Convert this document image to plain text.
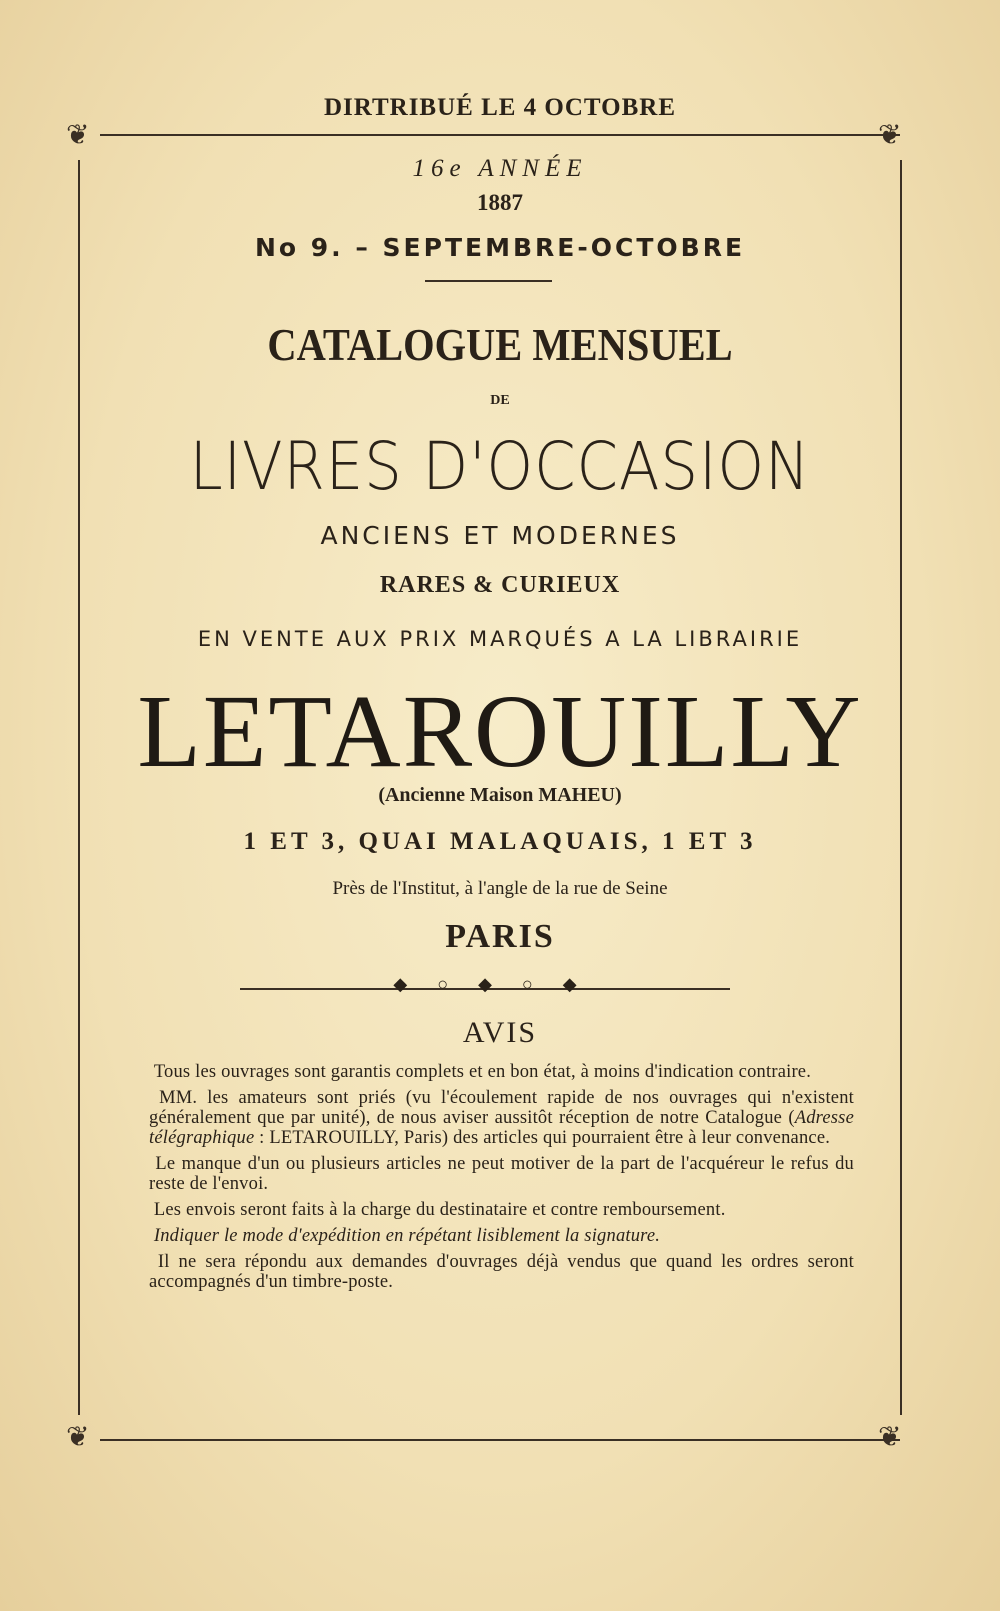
DIRTRIBUÉ LE 4 OCTOBRE
❦	❦
❦	❦
16e ANNÉE
1887
No 9. – SEPTEMBRE-OCTOBRE
CATALOGUE MENSUEL
DE
LIVRES D'OCCASION
ANCIENS ET MODERNES
RARES & CURIEUX
EN VENTE AUX PRIX MARQUÉS A LA LIBRAIRIE
LETAROUILLY
(Ancienne Maison MAHEU)
1 ET 3, QUAI MALAQUAIS, 1 ET 3
Près de l'Institut, à l'angle de la rue de Seine
PARIS
◆○◆○◆
AVIS

Tous les ouvrages sont garantis complets et en bon état, à moins d'indication contraire.

MM. les amateurs sont priés (vu l'écoulement rapide de nos ouvrages qui n'existent généralement que par unité), de nous aviser aussitôt réception de notre Catalogue (Adresse télégraphique : LETAROUILLY, Paris) des articles qui pourraient être à leur convenance.

Le manque d'un ou plusieurs articles ne peut motiver de la part de l'acquéreur le refus du reste de l'envoi.

Les envois seront faits à la charge du destinataire et contre remboursement.

Indiquer le mode d'expédition en répétant lisiblement la signature.

Il ne sera répondu aux demandes d'ouvrages déjà vendus que quand les ordres seront accompagnés d'un timbre-poste.
